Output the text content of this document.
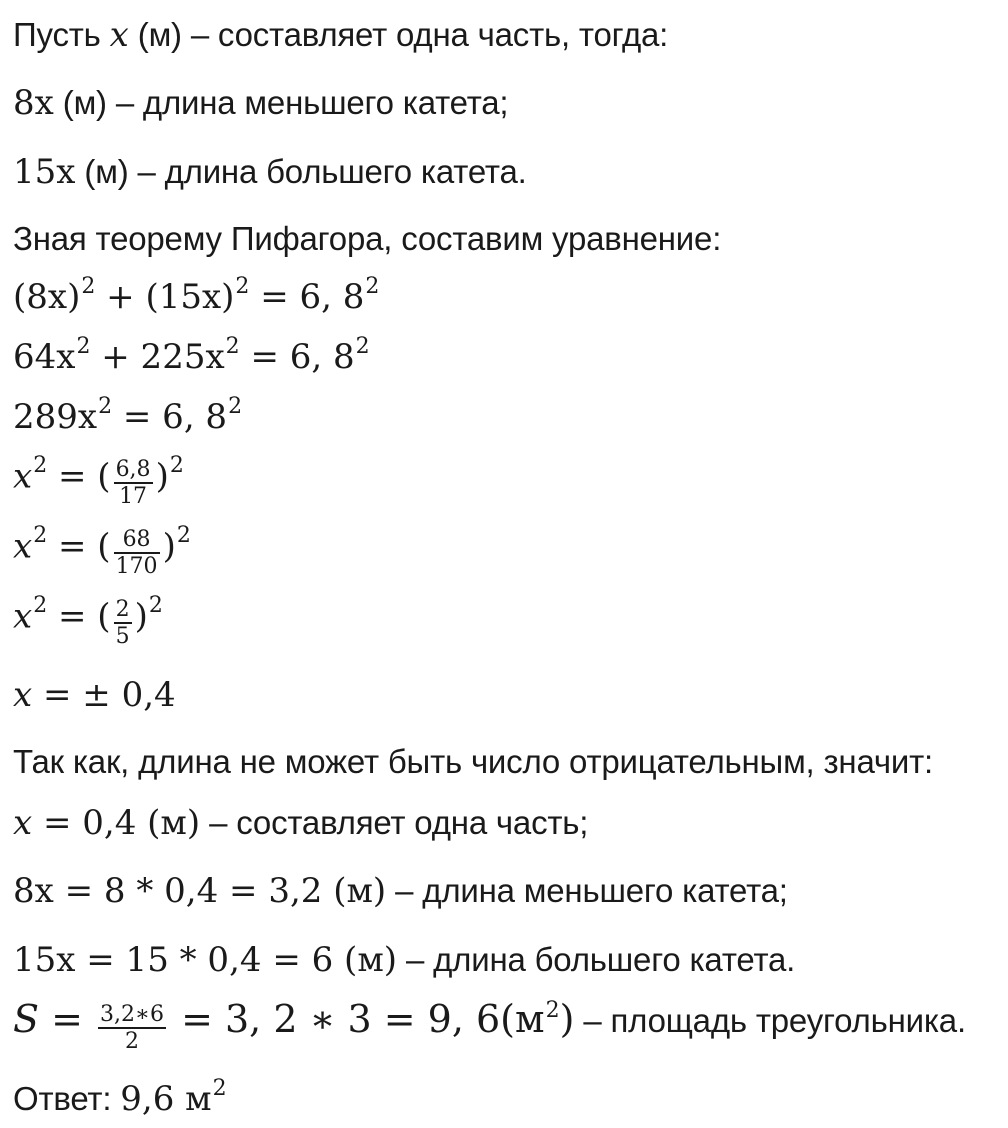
Пусть x (м) – составляет одна часть, тогда:
8x (м) – длина меньшего катета;
15x (м) – длина большего катета.
Зная теорему Пифагора, составим уравнение:
(8x)2 + (15x)2 = 6, 82
64x2 + 225x2 = 6, 82
289x2 = 6, 82
x2 = ( $\frac{6,8}{17} )2$
x2 = ( $\frac{68}{170} )2$
x2 = ( $\frac{2}{5} )2$
x = ± 0,4
Так как, длина не может быть число отрицательным, значит:
x = 0,4 (м) – составляет одна часть;
8x = 8 * 0,4 = 3,2 (м) – длина меньшего катета;
15x = 15 * 0,4 = 6 (м) – длина большего катета.
$S = \frac{3,2∗6}{2} = 3$, 2 ∗ 3 = 9, 6(м2) – площадь треугольника.
Ответ: 9,6 м2
